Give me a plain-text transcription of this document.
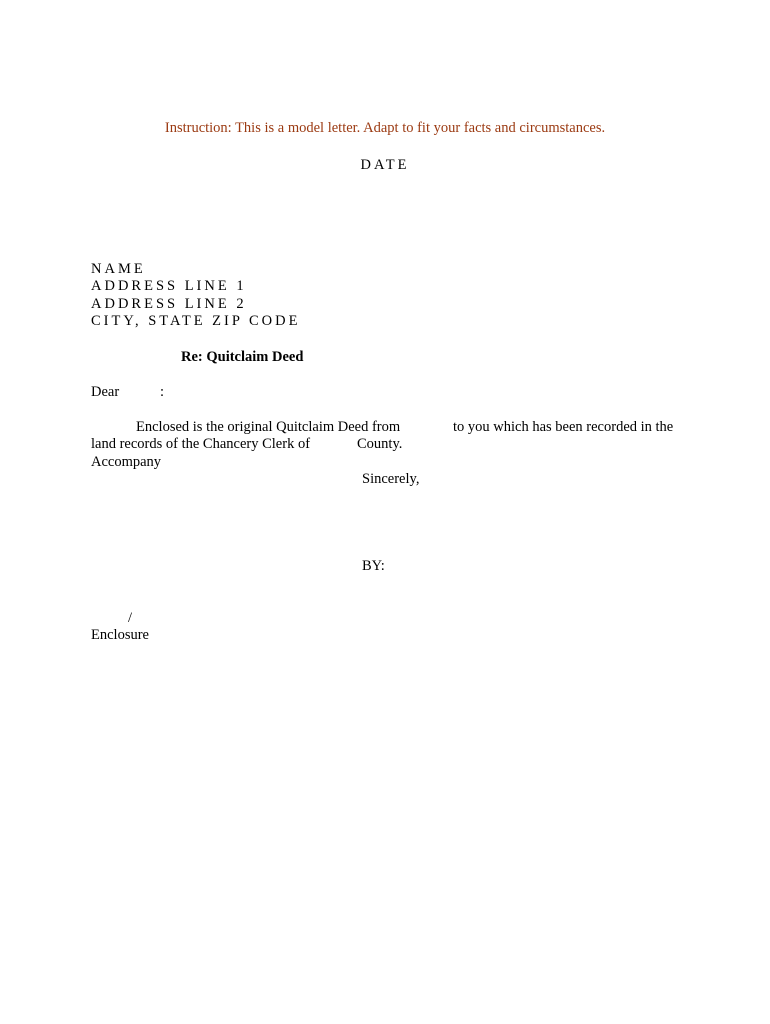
Instruction: This is a model letter. Adapt to fit your facts and circumstances.
DATE
NAME
ADDRESS LINE 1
ADDRESS LINE 2
CITY, STATE ZIP CODE
Re: Quitclaim Deed
Dear	:
Enclosed is the original Quitclaim Deed from	to you which has been recorded in the
land records of the Chancery Clerk of	County.
Accompany
Sincerely,
BY:
/
Enclosure
